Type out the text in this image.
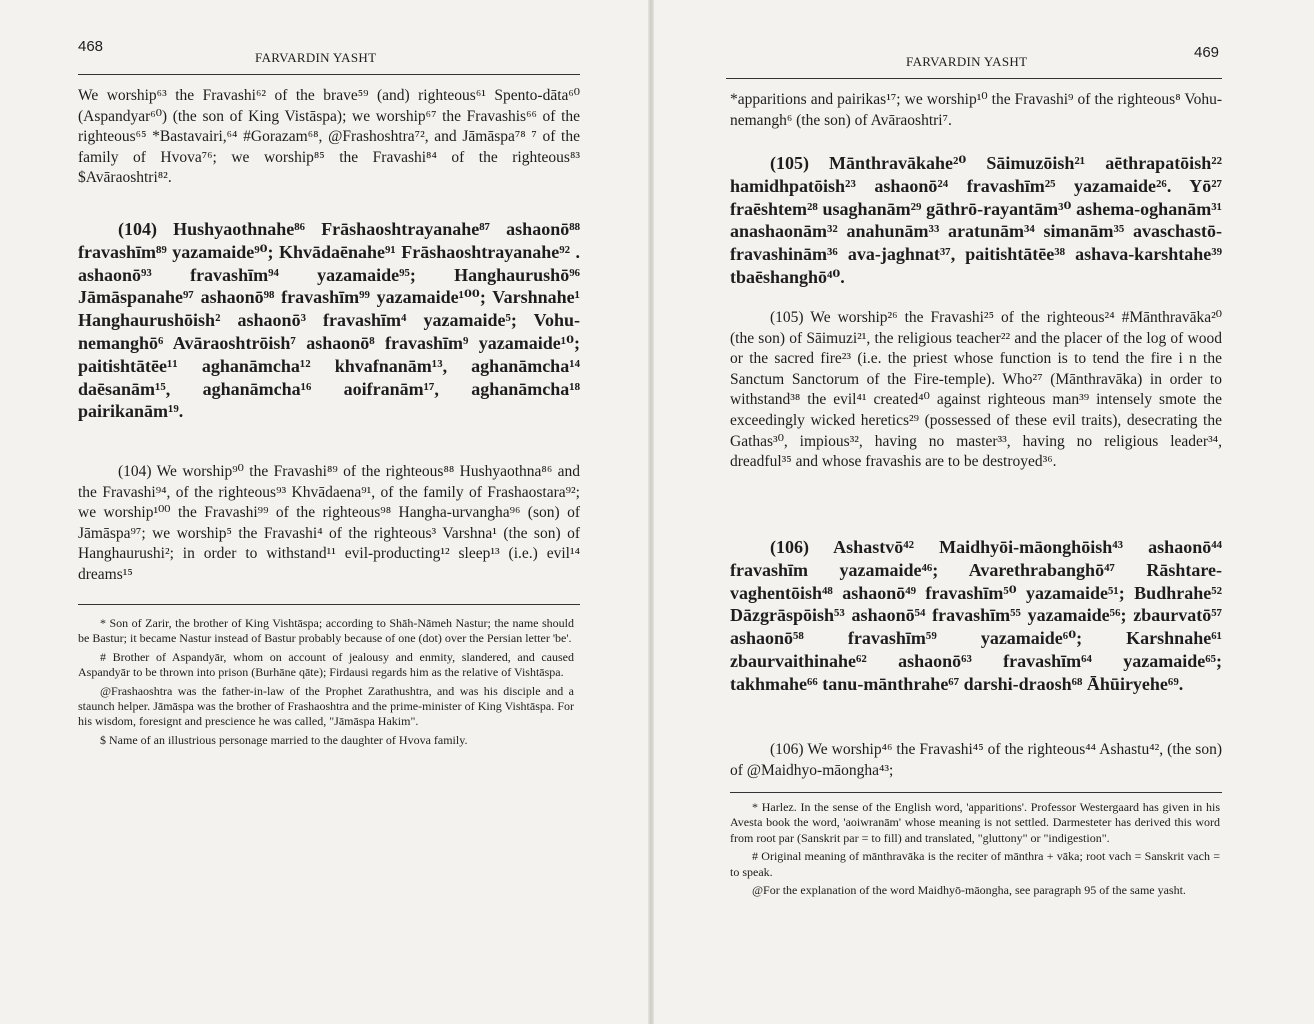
468
FARVARDIN YASHT

We worship⁶³ the Fravashi⁶² of the brave⁵⁹ (and) righteous⁶¹ Spento-dāta⁶⁰ (Aspandyar⁶⁰) (the son of King Vistāspa); we worship⁶⁷ the Fravashis⁶⁶ of the righteous⁶⁵ *Bastavairi,⁶⁴ #Gorazam⁶⁸, @Frashoshtra⁷², and Jāmāspa⁷⁸ ⁷ of the family of Hvova⁷⁶; we worship⁸⁵ the Fravashi⁸⁴ of the righteous⁸³ $Avāraoshtri⁸².

(104) Hushyaothnahe⁸⁶ Frāshaoshtrayanahe⁸⁷ ashaonō⁸⁸ fravashīm⁸⁹ yazamaide⁹⁰; Khvādaēnahe⁹¹ Frāshaoshtrayanahe⁹² . ashaonō⁹³ fravashīm⁹⁴ yazamaide⁹⁵; Hanghaurushō⁹⁶ Jāmāspanahe⁹⁷ ashaonō⁹⁸ fravashīm⁹⁹ yazamaide¹⁰⁰; Varshnahe¹ Hanghaurushōish² ashaonō³ fravashīm⁴ yazamaide⁵; Vohu-nemanghō⁶ Avāraoshtrōish⁷ ashaonō⁸ fravashīm⁹ yazamaide¹⁰; paitishtātēe¹¹ aghanāmcha¹² khvafnanām¹³, aghanāmcha¹⁴ daēsanām¹⁵, aghanāmcha¹⁶ aoifranām¹⁷, aghanāmcha¹⁸ pairikanām¹⁹.

(104) We worship⁹⁰ the Fravashi⁸⁹ of the righteous⁸⁸ Hushyaothna⁸⁶ and the Fravashi⁹⁴, of the righteous⁹³ Khvādaena⁹¹, of the family of Frashaostara⁹²; we worship¹⁰⁰ the Fravashi⁹⁹ of the righteous⁹⁸ Hangha-urvangha⁹⁶ (son) of Jāmāspa⁹⁷; we worship⁵ the Fravashi⁴ of the righteous³ Varshna¹ (the son) of Hanghaurushi²; in order to withstand¹¹ evil-producting¹² sleep¹³ (i.e.) evil¹⁴ dreams¹⁵

* Son of Zarir, the brother of King Vishtāspa; according to Shāh-Nāmeh Nastur; the name should be Bastur; it became Nastur instead of Bastur probably because of one (dot) over the Persian letter 'be'.

# Brother of Aspandyār, whom on account of jealousy and enmity, slandered, and caused Aspandyār to be thrown into prison (Burhāne qāte); Firdausi regards him as the relative of Vishtāspa.

@Frashaoshtra was the father-in-law of the Prophet Zarathushtra, and was his disciple and a staunch helper. Jāmāspa was the brother of Frashaoshtra and the prime-minister of King Vishtāspa. For his wisdom, foresignt and prescience he was called, "Jāmāspa Hakim".

$ Name of an illustrious personage married to the daughter of Hvova family.

469
FARVARDIN YASHT

*apparitions and pairikas¹⁷; we worship¹⁰ the Fravashi⁹ of the righteous⁸ Vohu-nemangh⁶ (the son) of Avāraoshtri⁷.

(105) Mānthravākahe²⁰ Sāimuzōish²¹ aēthrapatōish²² hamidhpatōish²³ ashaonō²⁴ fravashīm²⁵ yazamaide²⁶. Yō²⁷ fraēshtem²⁸ usaghanām²⁹ gāthrō-rayantām³⁰ ashema-oghanām³¹ anashaonām³² anahunām³³ aratunām³⁴ simanām³⁵ avaschastō-fravashinām³⁶ ava-jaghnat³⁷, paitishtātēe³⁸ ashava-karshtahe³⁹ tbaēshanghō⁴⁰.

(105) We worship²⁶ the Fravashi²⁵ of the righteous²⁴ #Mānthravāka²⁰ (the son) of Sāimuzi²¹, the religious teacher²² and the placer of the log of wood or the sacred fire²³ (i.e. the priest whose function is to tend the fire i n the Sanctum Sanctorum of the Fire-temple). Who²⁷ (Mānthravāka) in order to withstand³⁸ the evil⁴¹ created⁴⁰ against righteous man³⁹ intensely smote the exceedingly wicked heretics²⁹ (possessed of these evil traits), desecrating the Gathas³⁰, impious³², having no master³³, having no religious leader³⁴, dreadful³⁵ and whose fravashis are to be destroyed³⁶.

(106) Ashastvō⁴² Maidhyōi-māonghōish⁴³ ashaonō⁴⁴ fravashīm yazamaide⁴⁶; Avarethrabanghō⁴⁷ Rāshtare-vaghentōish⁴⁸ ashaonō⁴⁹ fravashīm⁵⁰ yazamaide⁵¹; Budhrahe⁵² Dāzgrāspōish⁵³ ashaonō⁵⁴ fravashīm⁵⁵ yazamaide⁵⁶; zbaurvatō⁵⁷ ashaonō⁵⁸ fravashīm⁵⁹ yazamaide⁶⁰; Karshnahe⁶¹ zbaurvaithinahe⁶² ashaonō⁶³ fravashīm⁶⁴ yazamaide⁶⁵; takhmahe⁶⁶ tanu-mānthrahe⁶⁷ darshi-draosh⁶⁸ Āhūiryehe⁶⁹.

(106) We worship⁴⁶ the Fravashi⁴⁵ of the righteous⁴⁴ Ashastu⁴², (the son) of @Maidhyo-māongha⁴³;

* Harlez. In the sense of the English word, 'apparitions'. Professor Westergaard has given in his Avesta book the word, 'aoiwranām' whose meaning is not settled. Darmesteter has derived this word from root par (Sanskrit par = to fill) and translated, "gluttony" or "indigestion".

# Original meaning of mānthravāka is the reciter of mānthra + vāka; root vach = Sanskrit vach = to speak.

@For the explanation of the word Maidhyō-māongha, see paragraph 95 of the same yasht.
